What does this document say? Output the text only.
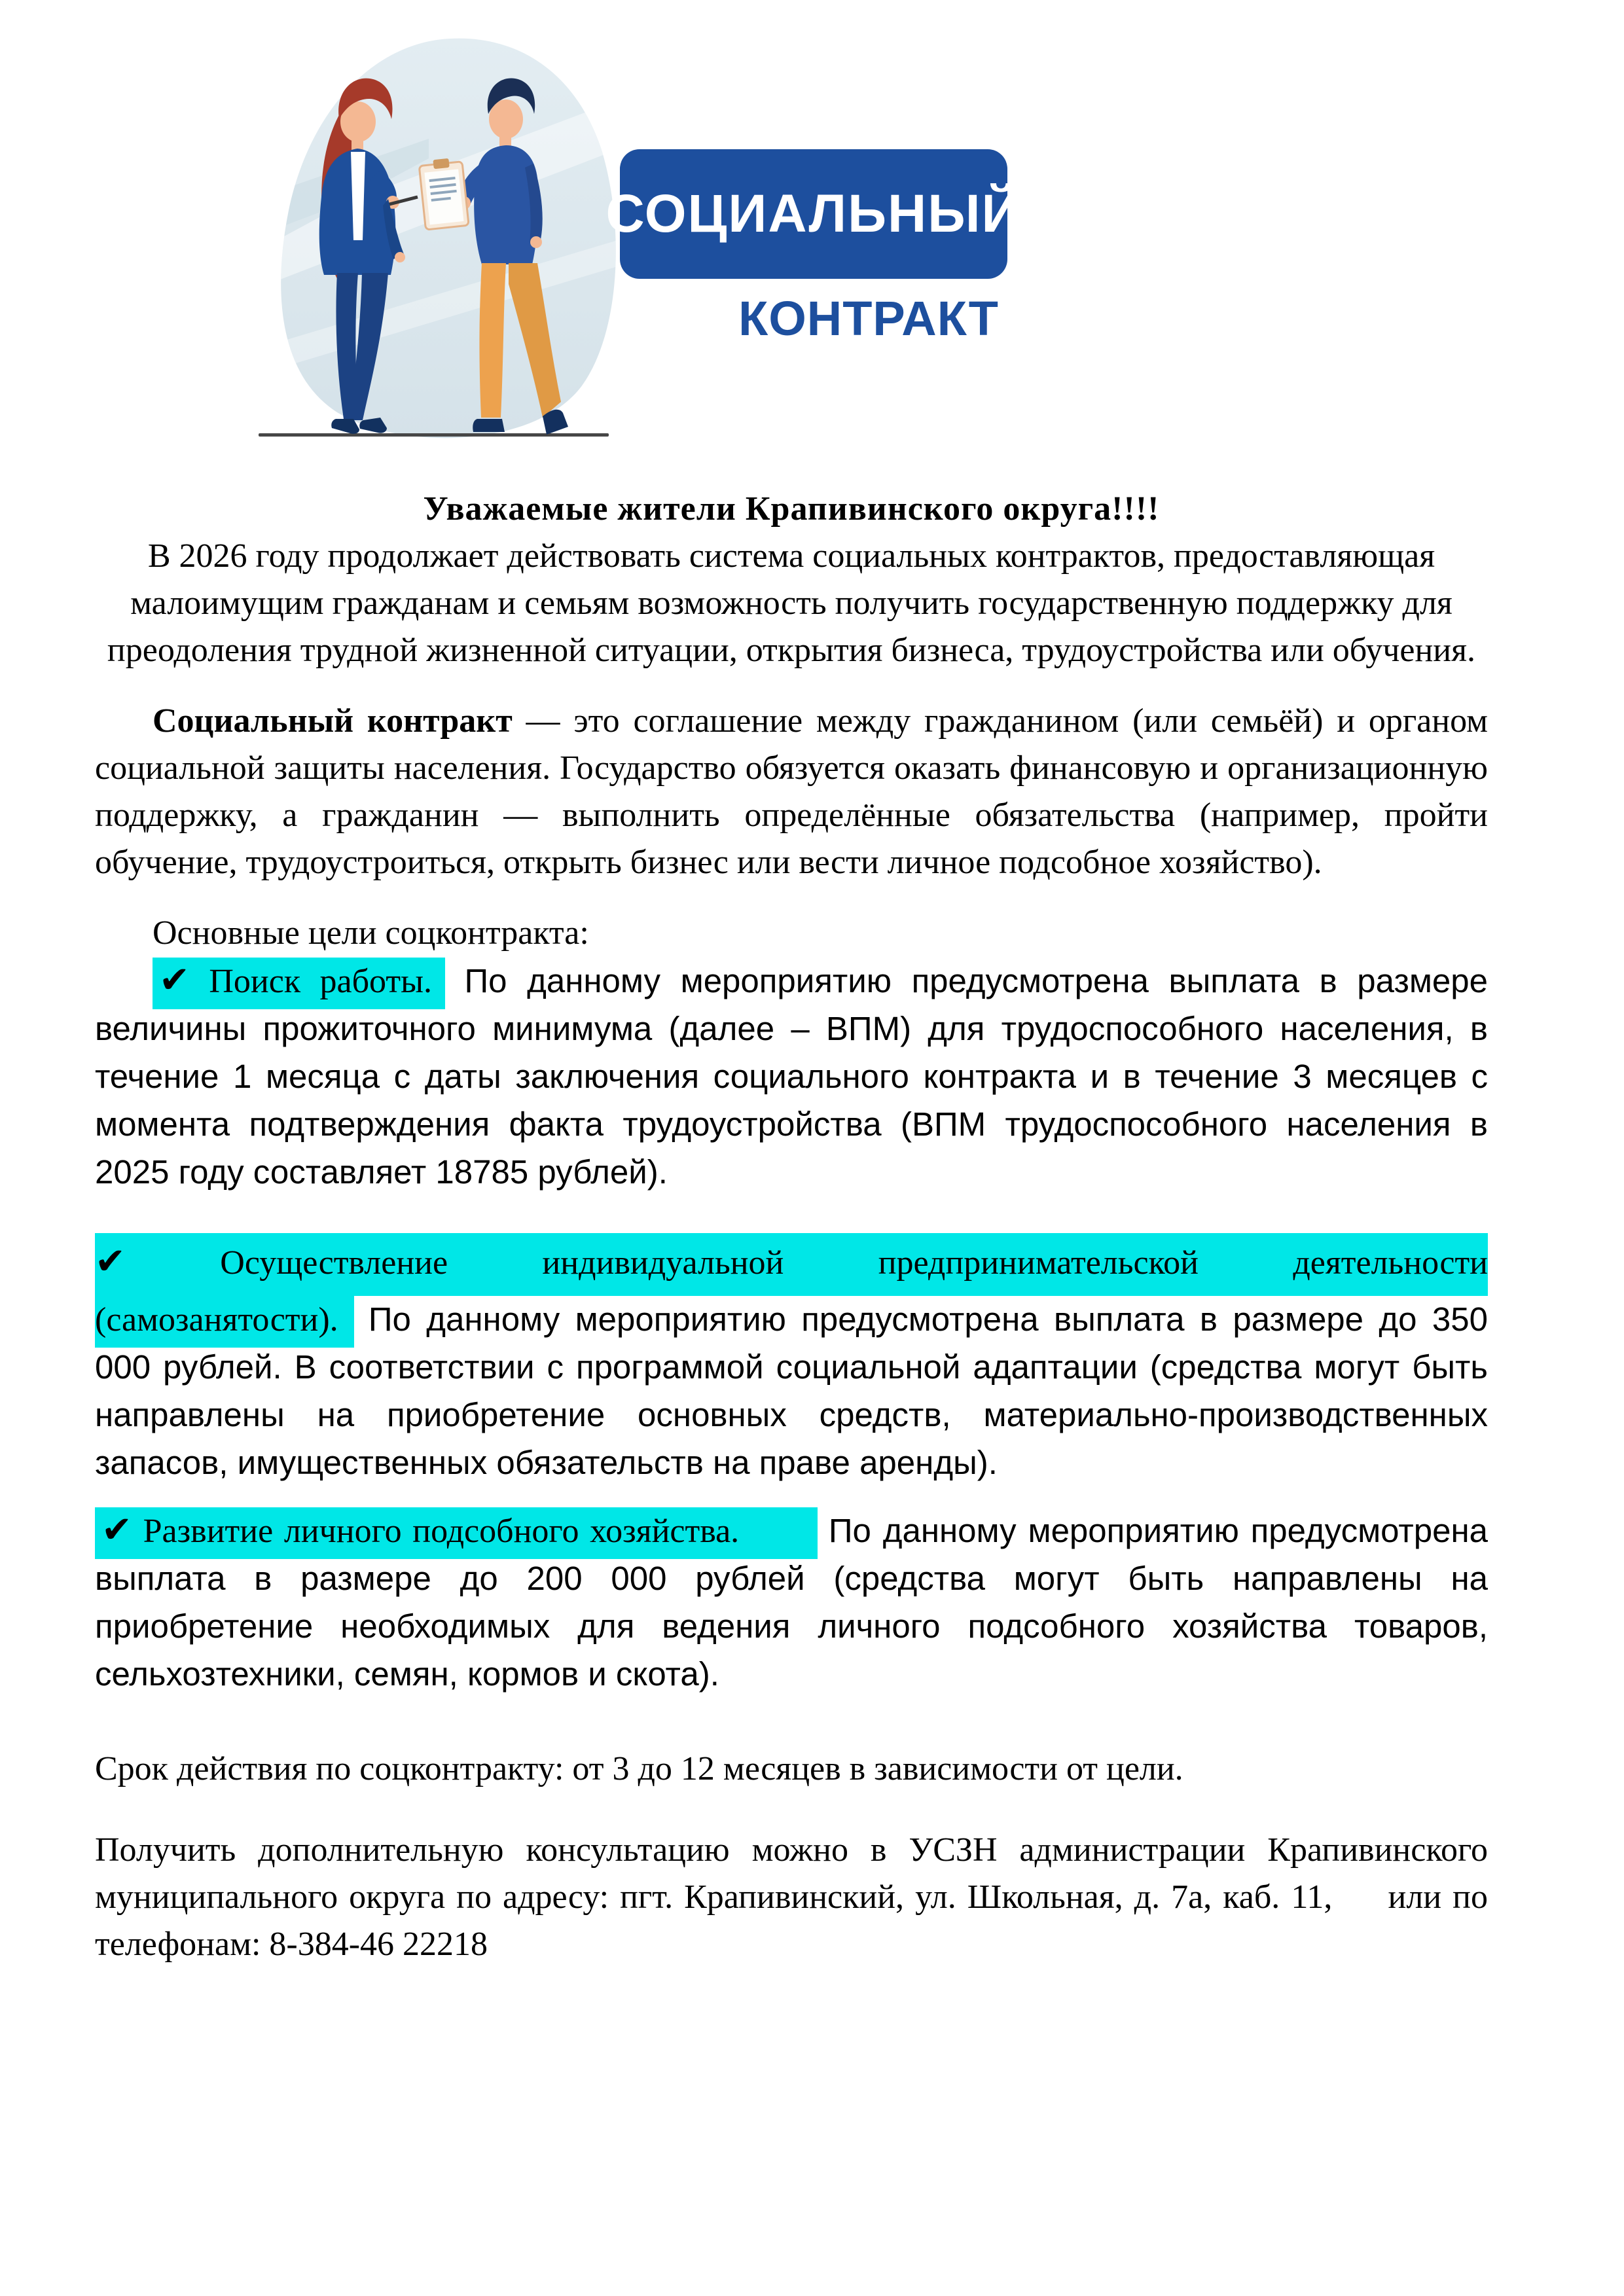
СОЦИАЛЬНЫЙ
КОНТРАКТ

Уважаемые жители Крапивинского округа!!!!

В 2026 году продолжает действовать система социальных контрактов, предоставляющая малоимущим гражданам и семьям возможность получить государственную поддержку для преодоления трудной жизненной ситуации, открытия бизнеса, трудоустройства или обучения.

Социальный контракт — это соглашение между гражданином (или семьёй) и органом социальной защиты населения. Государство обязуется оказать финансовую и организационную поддержку, а гражданин — выполнить определённые обязательства (например, пройти обучение, трудоустроиться, открыть бизнес или вести личное подсобное хозяйство).

Основные цели соцконтракта:

✔ Поиск работы. По данному мероприятию предусмотрена выплата в размере величины прожиточного минимума (далее – ВПМ) для трудоспособного населения, в течение 1 месяца с даты заключения социального контракта и в течение 3 месяцев с момента подтверждения факта трудоустройства (ВПМ трудоспособного населения в 2025 году составляет 18785 рублей).

✔	Осуществление индивидуальной предпринимательской деятельности(самозанятости). По данному мероприятию предусмотрена выплата в размере до 350 000 рублей. В соответствии с программой социальной адаптации (средства могут быть направлены на приобретение основных средств, материально-производственных запасов, имущественных обязательств на праве аренды).

✔ Развитие личного подсобного хозяйства.	По данному мероприятию предусмотрена выплата в размере до 200 000 рублей (средства могут быть направлены на приобретение необходимых для ведения личного подсобного хозяйства товаров, сельхозтехники, семян, кормов и скота).

Срок действия по соцконтракту: от 3 до 12 месяцев в зависимости от цели.

Получить дополнительную консультацию можно в УСЗН администрации Крапивинского муниципального округа по адресу: пгт. Крапивинский, ул. Школьная, д. 7а, каб. 11,     или по телефонам: 8-384-46 22218
